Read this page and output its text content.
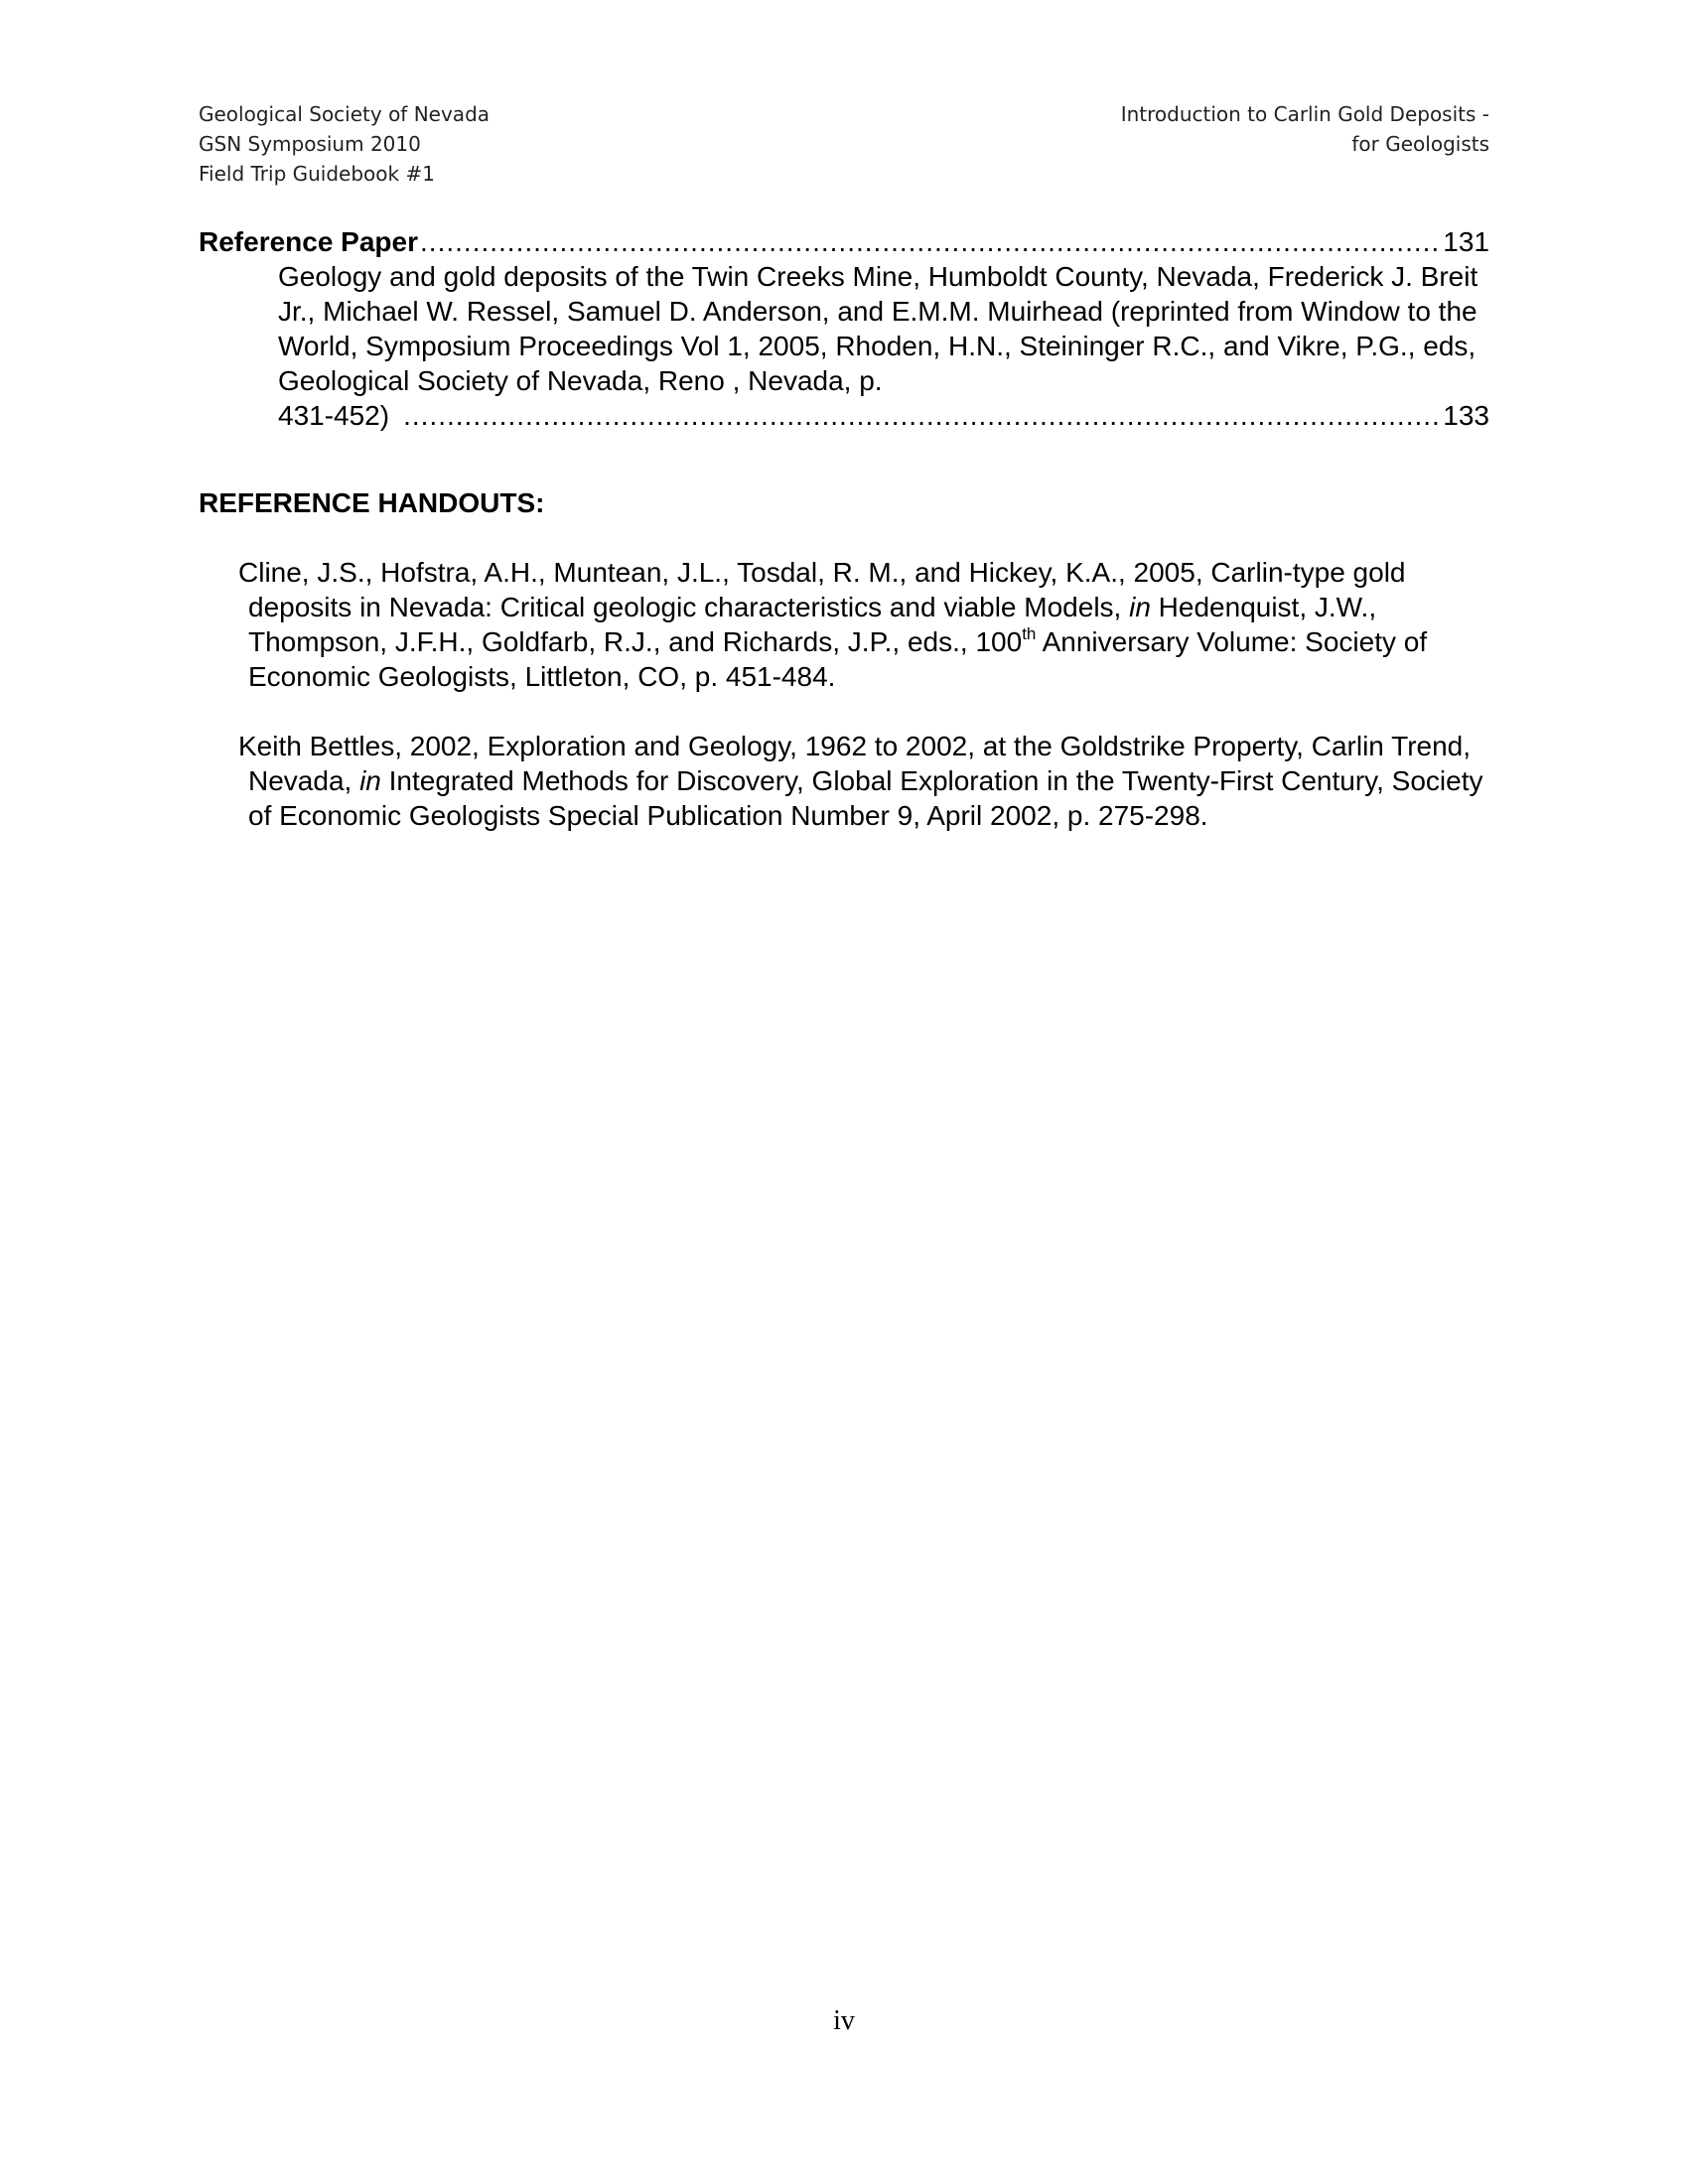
Geological Society of Nevada
GSN Symposium 2010
Field Trip Guidebook #1
Introduction to Carlin Gold Deposits -
for Geologists
Reference Paper .....	131
Geology and gold deposits of the Twin Creeks Mine, Humboldt County, Nevada, Frederick J. Breit Jr., Michael W. Ressel, Samuel D. Anderson, and E.M.M. Muirhead (reprinted from Window to the World, Symposium Proceedings Vol 1, 2005, Rhoden, H.N., Steininger R.C., and Vikre, P.G., eds, Geological Society of Nevada, Reno , Nevada, p.
431-452) .....	133
REFERENCE HANDOUTS:

Cline, J.S., Hofstra, A.H., Muntean, J.L., Tosdal, R. M., and Hickey, K.A., 2005, Carlin-type gold deposits in Nevada: Critical geologic characteristics and viable Models, in Hedenquist, J.W., Thompson, J.F.H., Goldfarb, R.J., and Richards, J.P., eds., 100th Anniversary Volume: Society of Economic Geologists, Littleton, CO, p. 451-484.

Keith Bettles, 2002, Exploration and Geology, 1962 to 2002, at the Goldstrike Property, Carlin Trend, Nevada, in Integrated Methods for Discovery, Global Exploration in the Twenty-First Century, Society of Economic Geologists Special Publication Number 9, April 2002, p. 275-298.

iv
